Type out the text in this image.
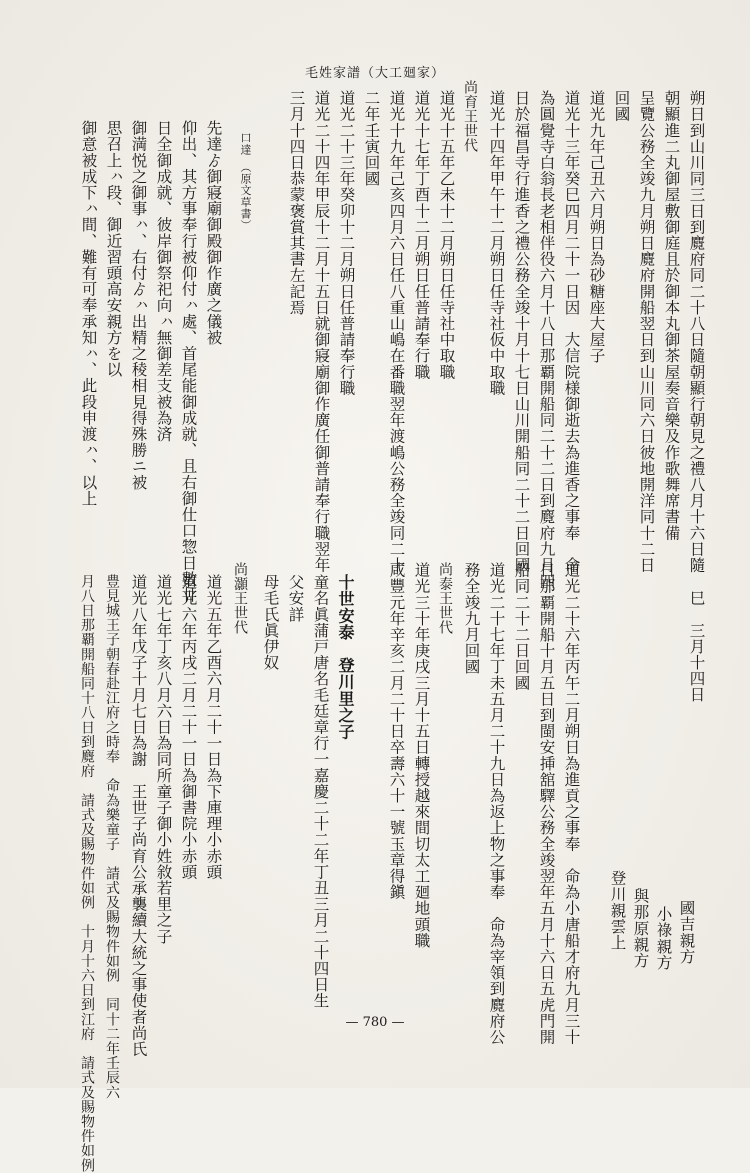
毛姓家譜（大工廻家）
朔日到山川同三日到麑府同二十八日隨朝顯行朝見之禮八月十六日隨
朝顯進二丸御屋敷御庭且於御本丸御茶屋奏音樂及作歌舞席書備
呈覽公務全竣九月朔日麑府開船翌日到山川同六日彼地開洋同十二日
回國
道光九年己丑六月朔日為砂糖座大屋子
道光十三年癸巳四月二十一日因　大信院様御逝去為進香之事奉　命
為圓覺寺白翁長老相伴役六月十八日那覇開船同二十二日到麑府九月四
日於福昌寺行進香之禮公務全竣十月十七日山川開船同二十二日回國
道光十四年甲午十二月朔日任寺社仮中取職
尚育王世代
道光十五年乙未十二月朔日任寺社中取職
道光十七年丁酉十二月朔日任普請奉行職
道光十九年己亥四月六日任八重山嶋在番職翌年渡嶋公務全竣同二十
二年壬寅回國
道光二十三年癸卯十二月朔日任普請奉行職
道光二十四年甲辰十二月十五日就御寢廟御作廣任御普請奉行職翌年
三月十四日恭蒙褒賞其書左記焉
口達　（原文草書）
先達ゟ御寢廟御殿御作廣之儀被
仰出、其方事奉行被仰付ㇵ處、首尾能御成就、且右御仕口惣日數廿
日全御成就、彼岸御祭祀向ㇵ無御差支被為済
御満悦之御事ㇵ、右付ゟㇵ出精之稜相見得殊勝ニ被
思召上ㇵ段、御近習頭高安親方を以
御意被成下ㇵ間、難有可奉承知ㇵ、此段申渡ㇵ、以上
巳　三月十四日
國吉親方
小祿親方
與那原親方
登川親雲上
道光二十六年丙午二月朔日為進貢之事奉　命為小唐船才府九月三十
日那覇開船十月五日到閩安挿舘驛公務全竣翌年五月十六日五虎門開
船同二十二日回國
道光二十七年丁未五月二十九日為返上物之事奉　命為宰領到麑府公
務全竣九月回國
尚泰王世代
道光三十年庚戌三月十五日轉授越來間切太工廻地頭職
咸豐元年辛亥二月二十日卒壽六十一號玉章得鎭
十世安泰　登川里之子
童名眞蒲戸唐名毛廷章行一嘉慶二十二年丁丑三月二十四日生
父安詳
母毛氏眞伊奴
尚灝王世代
道光五年乙酉六月二十一日為下庫理小赤頭
道光六年丙戌二月二十一日為御書院小赤頭
道光七年丁亥八月六日為同所童子御小姓敘若里之子
道光八年戊子十月七日為謝　王世子尚育公承襲續大統之事使者尚氏
豊見城王子朝春赴江府之時奉　命為樂童子　請式及賜物件如例　同十二年壬辰六
月八日那覇開船同十八日到麑府　請式及賜物件如例　十月十六日到江府　請式及賜物件如例	— 780 —
